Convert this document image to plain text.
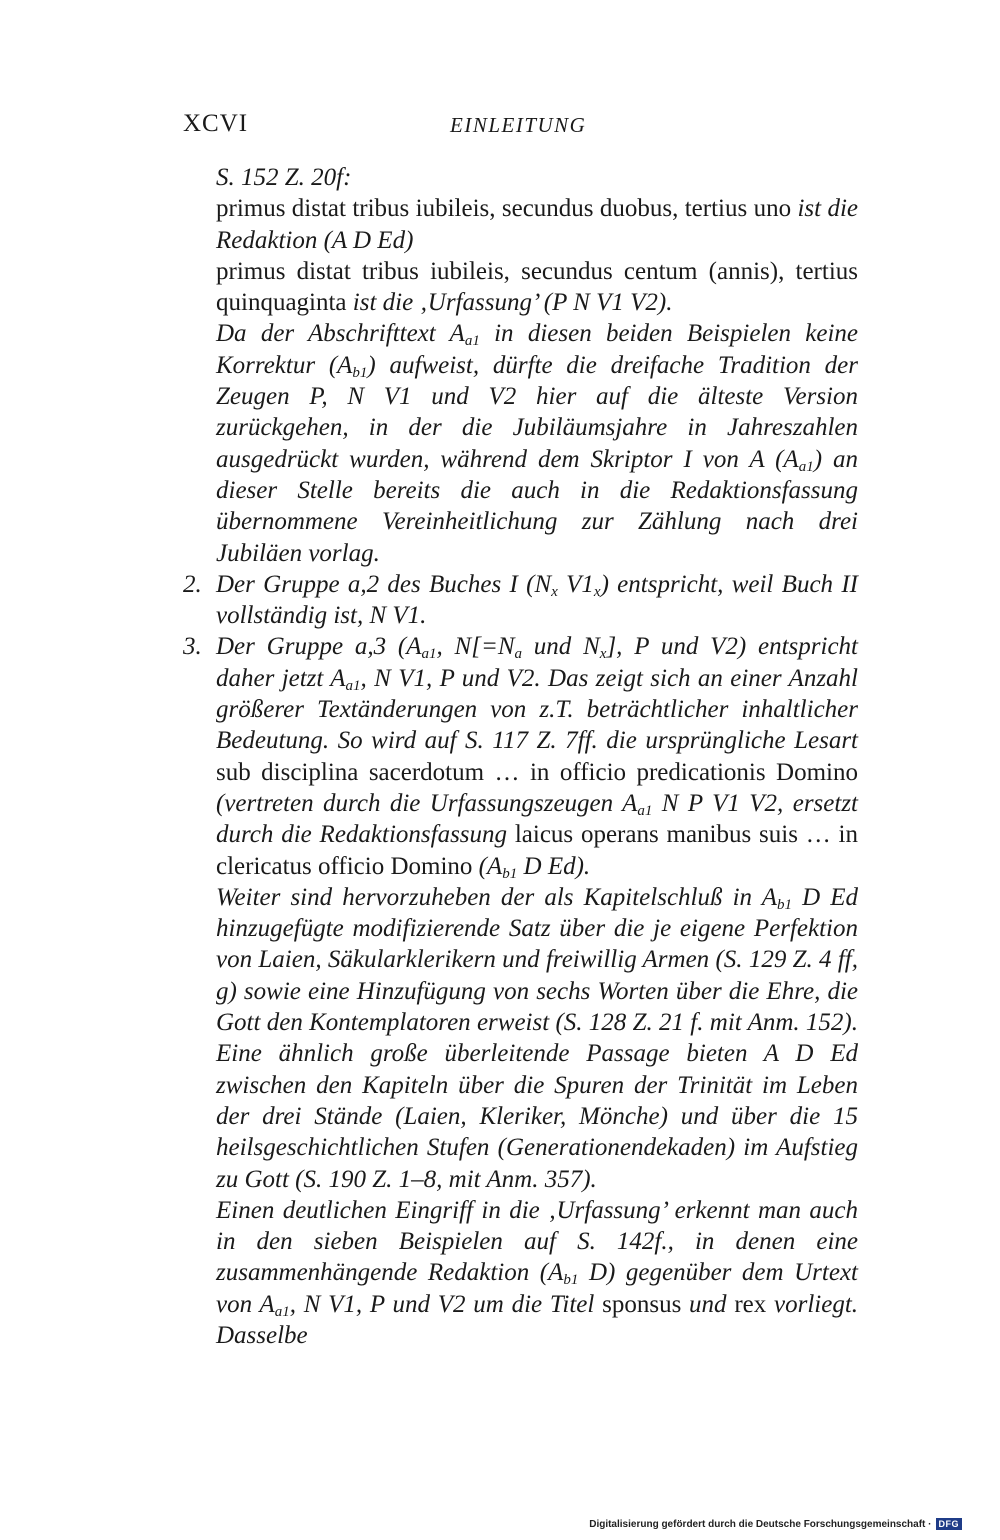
XCVI	EINLEITUNG

S. 152 Z. 20f:

primus distat tribus iubileis, secundus duobus, tertius uno ist die Redaktion (A D Ed)

primus distat tribus iubileis, secundus centum (annis), tertius quinquaginta ist die ‚Urfassung’ (P N V1 V2).

Da der Abschrifttext $A_{a1}$ in diesen beiden Beispielen keine Korrektur $(A_{b1})$ aufweist, dürfte die dreifache Tradition der Zeugen P, N V1 und V2 hier auf die älteste Version zurückgehen, in der die Jubiläumsjahre in Jahreszahlen ausgedrückt wurden, während dem Skriptor I von A $(A_{a1})$ an dieser Stelle bereits die auch in die Redaktionsfassung übernommene Vereinheitlichung zur Zählung nach drei Jubiläen vorlag.

2. Der Gruppe a,2 des Buches I ($N_x$ $V1_x$) entspricht, weil Buch II vollständig ist, N V1.

3. Der Gruppe a,3 ($A_{a1}$, $N[=N_a$ und $N_x$], P und V2) entspricht daher jetzt $A_{a1}$, N V1, P und V2. Das zeigt sich an einer Anzahl größerer Textänderungen von z.T. beträchtlicher inhaltlicher Bedeutung. So wird auf S. 117 Z. 7ff. die ursprüngliche Lesart sub disciplina sacerdotum … in officio predicationis Domino (vertreten durch die Urfassungszeugen $A_{a1}$ N P V1 V2, ersetzt durch die Redaktionsfassung laicus operans manibus suis … in clericatus officio Domino ($A_{b1}$ D Ed).

Weiter sind hervorzuheben der als Kapitelschluß in $A_{b1}$ D Ed hinzugefügte modifizierende Satz über die je eigene Perfektion von Laien, Säkularklerikern und freiwillig Armen (S. 129 Z. 4 ff, g) sowie eine Hinzufügung von sechs Worten über die Ehre, die Gott den Kontemplatoren erweist (S. 128 Z. 21 f. mit Anm. 152). Eine ähnlich große überleitende Passage bieten A D Ed zwischen den Kapiteln über die Spuren der Trinität im Leben der drei Stände (Laien, Kleriker, Mönche) und über die 15 heilsgeschichtlichen Stufen (Generationendekaden) im Aufstieg zu Gott (S. 190 Z. 1–8, mit Anm. 357).

Einen deutlichen Eingriff in die ‚Urfassung’ erkennt man auch in den sieben Beispielen auf S. 142f., in denen eine zusammenhängende Redaktion ($A_{b1}$ D) gegenüber dem Urtext von $A_{a1}$, N V1, P und V2 um die Titel sponsus und rex vorliegt. Dasselbe

Digitalisierung gefördert durch die Deutsche Forschungsgemeinschaft · DFG
